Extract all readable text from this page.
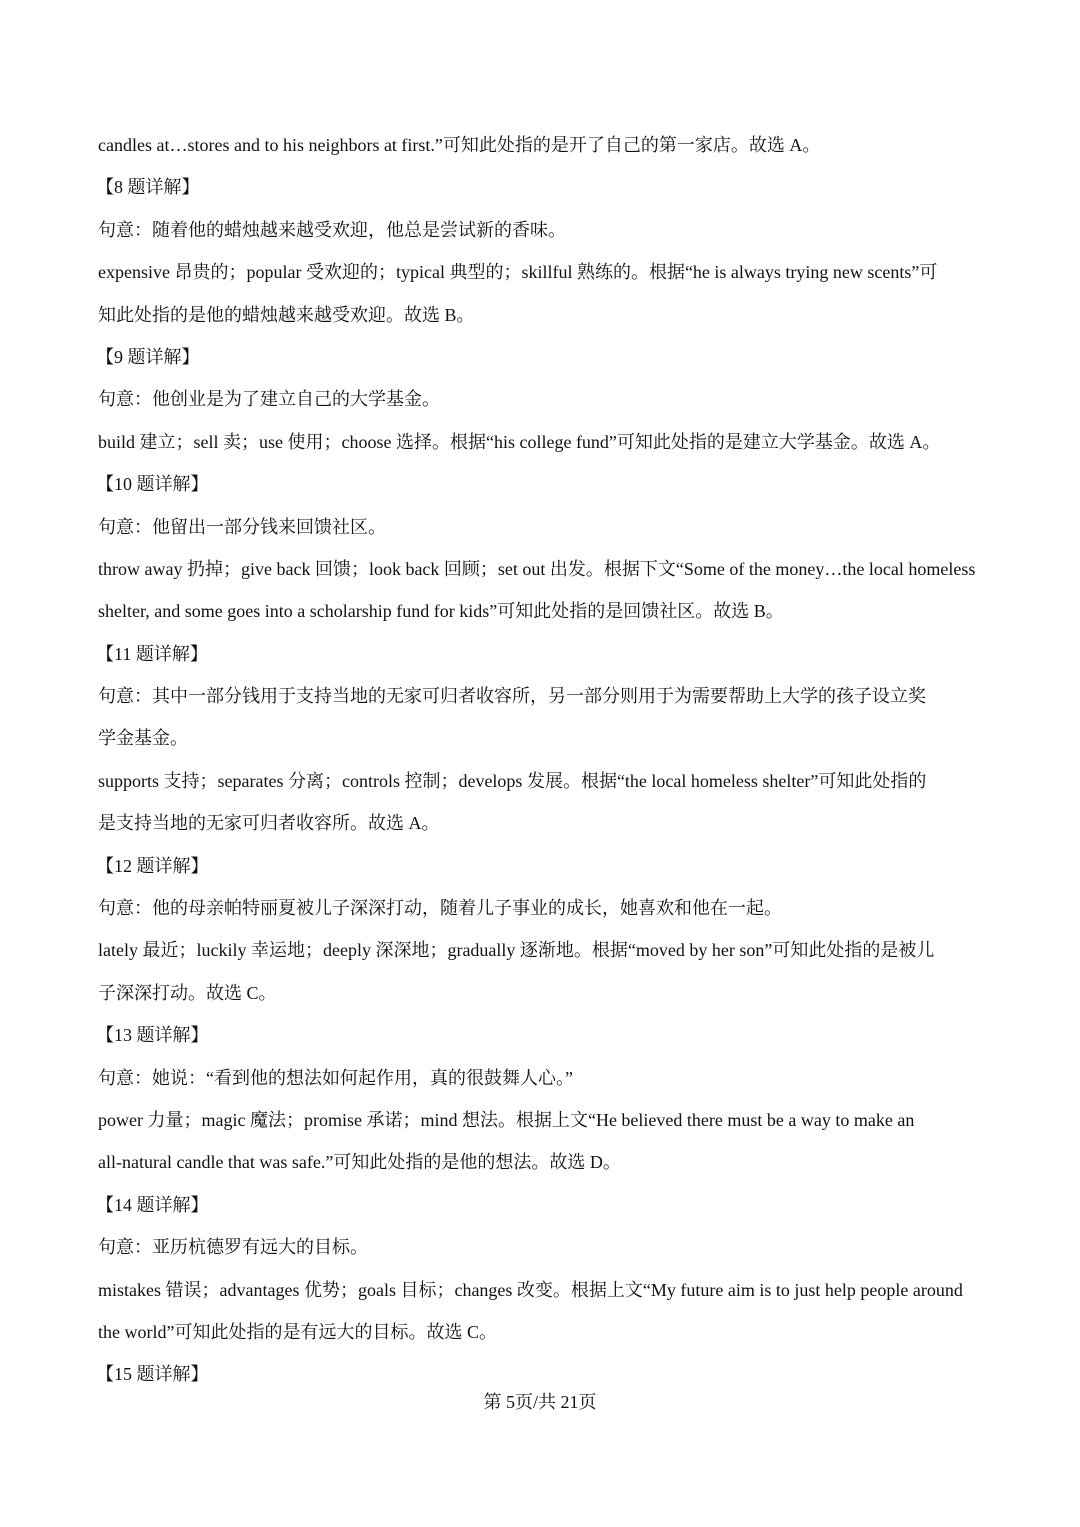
candles at…stores and to his neighbors at first.”可知此处指的是开了自己的第一家店。故选 A。
【8 题详解】
句意：随着他的蜡烛越来越受欢迎，他总是尝试新的香味。
expensive 昂贵的；popular 受欢迎的；typical 典型的；skillful 熟练的。根据“he is always trying new scents”可
知此处指的是他的蜡烛越来越受欢迎。故选 B。
【9 题详解】
句意：他创业是为了建立自己的大学基金。
build 建立；sell 卖；use 使用；choose 选择。根据“his college fund”可知此处指的是建立大学基金。故选 A。
【10 题详解】
句意：他留出一部分钱来回馈社区。
throw away 扔掉；give back 回馈；look back 回顾；set out 出发。根据下文“Some of the money…the local homeless
shelter, and some goes into a scholarship fund for kids”可知此处指的是回馈社区。故选 B。
【11 题详解】
句意：其中一部分钱用于支持当地的无家可归者收容所，另一部分则用于为需要帮助上大学的孩子设立奖
学金基金。
supports 支持；separates 分离；controls 控制；develops 发展。根据“the local homeless shelter”可知此处指的
是支持当地的无家可归者收容所。故选 A。
【12 题详解】
句意：他的母亲帕特丽夏被儿子深深打动，随着儿子事业的成长，她喜欢和他在一起。
lately 最近；luckily 幸运地；deeply 深深地；gradually 逐渐地。根据“moved by her son”可知此处指的是被儿
子深深打动。故选 C。
【13 题详解】
句意：她说：“看到他的想法如何起作用，真的很鼓舞人心。”
power 力量；magic 魔法；promise 承诺；mind 想法。根据上文“He believed there must be a way to make an
all-natural candle that was safe.”可知此处指的是他的想法。故选 D。
【14 题详解】
句意：亚历杭德罗有远大的目标。
mistakes 错误；advantages 优势；goals 目标；changes 改变。根据上文“My future aim is to just help people around
the world”可知此处指的是有远大的目标。故选 C。
【15 题详解】
第 5页/共 21页
